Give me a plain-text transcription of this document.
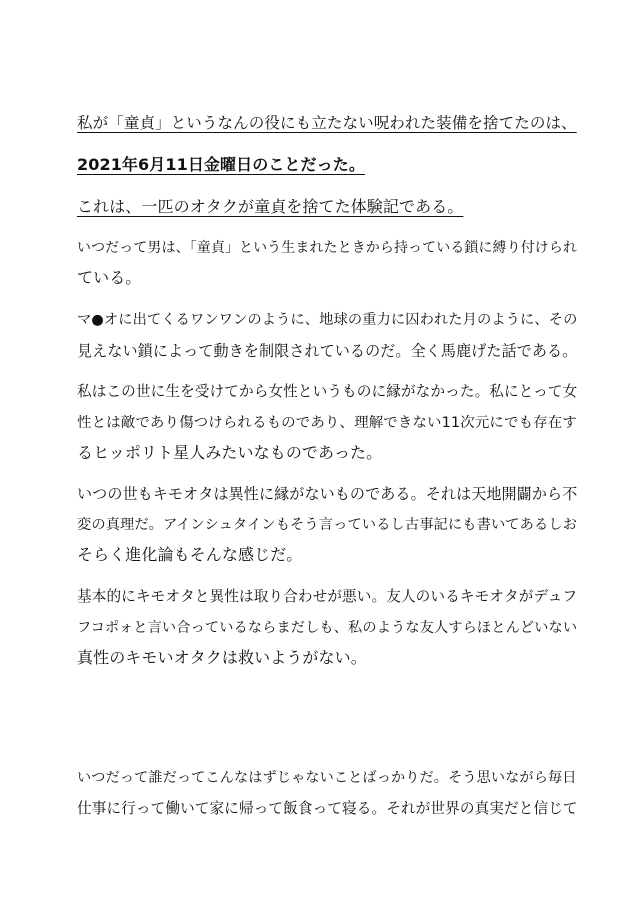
私が「童貞」というなんの役にも立たない呪われた装備を捨てたのは、
2021年6月11日金曜日のことだった。
これは、一匹のオタクが童貞を捨てた体験記である。
いつだって男は、「童貞」という生まれたときから持っている鎖に縛り付けられ
ている。
マ●オに出てくるワンワンのように、地球の重力に囚われた月のように、その
見えない鎖によって動きを制限されているのだ。全く馬鹿げた話である。
私はこの世に生を受けてから女性というものに縁がなかった。私にとって女
性とは敵であり傷つけられるものであり、理解できない11次元にでも存在す
るヒッポリト星人みたいなものであった。
いつの世もキモオタは異性に縁がないものである。それは天地開闢から不
変の真理だ。アインシュタインもそう言っているし古事記にも書いてあるしお
そらく進化論もそんな感じだ。
基本的にキモオタと異性は取り合わせが悪い。友人のいるキモオタがデュフ
フコポォと言い合っているならまだしも、私のような友人すらほとんどいない
真性のキモいオタクは救いようがない。
いつだって誰だってこんなはずじゃないことばっかりだ。そう思いながら毎日
仕事に行って働いて家に帰って飯食って寝る。それが世界の真実だと信じて
